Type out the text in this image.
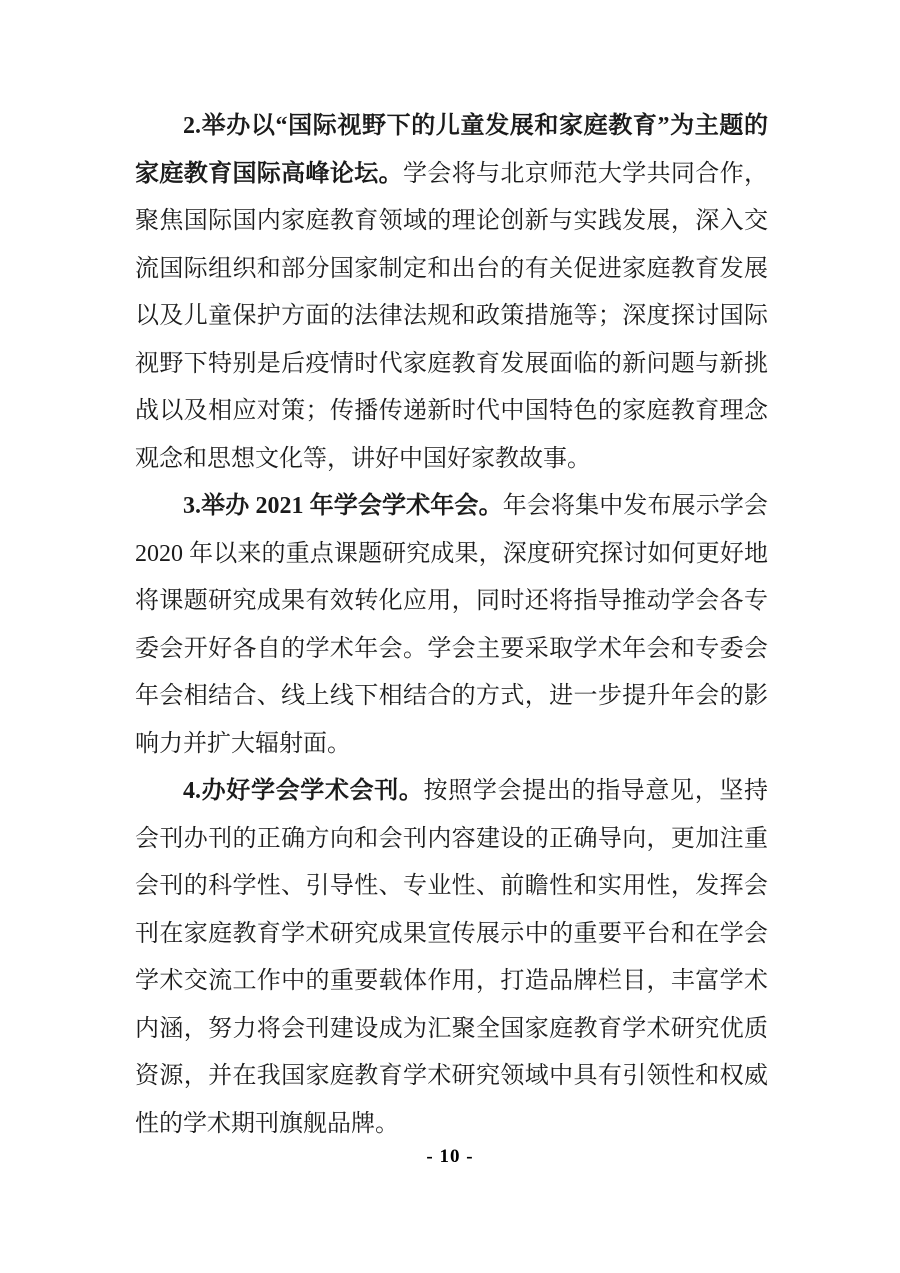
2.举办以“国际视野下的儿童发展和家庭教育”为主题的家庭教育国际高峰论坛。学会将与北京师范大学共同合作，聚焦国际国内家庭教育领域的理论创新与实践发展，深入交流国际组织和部分国家制定和出台的有关促进家庭教育发展以及儿童保护方面的法律法规和政策措施等；深度探讨国际视野下特别是后疫情时代家庭教育发展面临的新问题与新挑战以及相应对策；传播传递新时代中国特色的家庭教育理念观念和思想文化等，讲好中国好家教故事。

3.举办 2021 年学会学术年会。年会将集中发布展示学会 2020 年以来的重点课题研究成果，深度研究探讨如何更好地将课题研究成果有效转化应用，同时还将指导推动学会各专委会开好各自的学术年会。学会主要采取学术年会和专委会年会相结合、线上线下相结合的方式，进一步提升年会的影响力并扩大辐射面。

4.办好学会学术会刊。按照学会提出的指导意见，坚持会刊办刊的正确方向和会刊内容建设的正确导向，更加注重会刊的科学性、引导性、专业性、前瞻性和实用性，发挥会刊在家庭教育学术研究成果宣传展示中的重要平台和在学会学术交流工作中的重要载体作用，打造品牌栏目，丰富学术内涵，努力将会刊建设成为汇聚全国家庭教育学术研究优质资源，并在我国家庭教育学术研究领域中具有引领性和权威性的学术期刊旗舰品牌。

- 10 -
